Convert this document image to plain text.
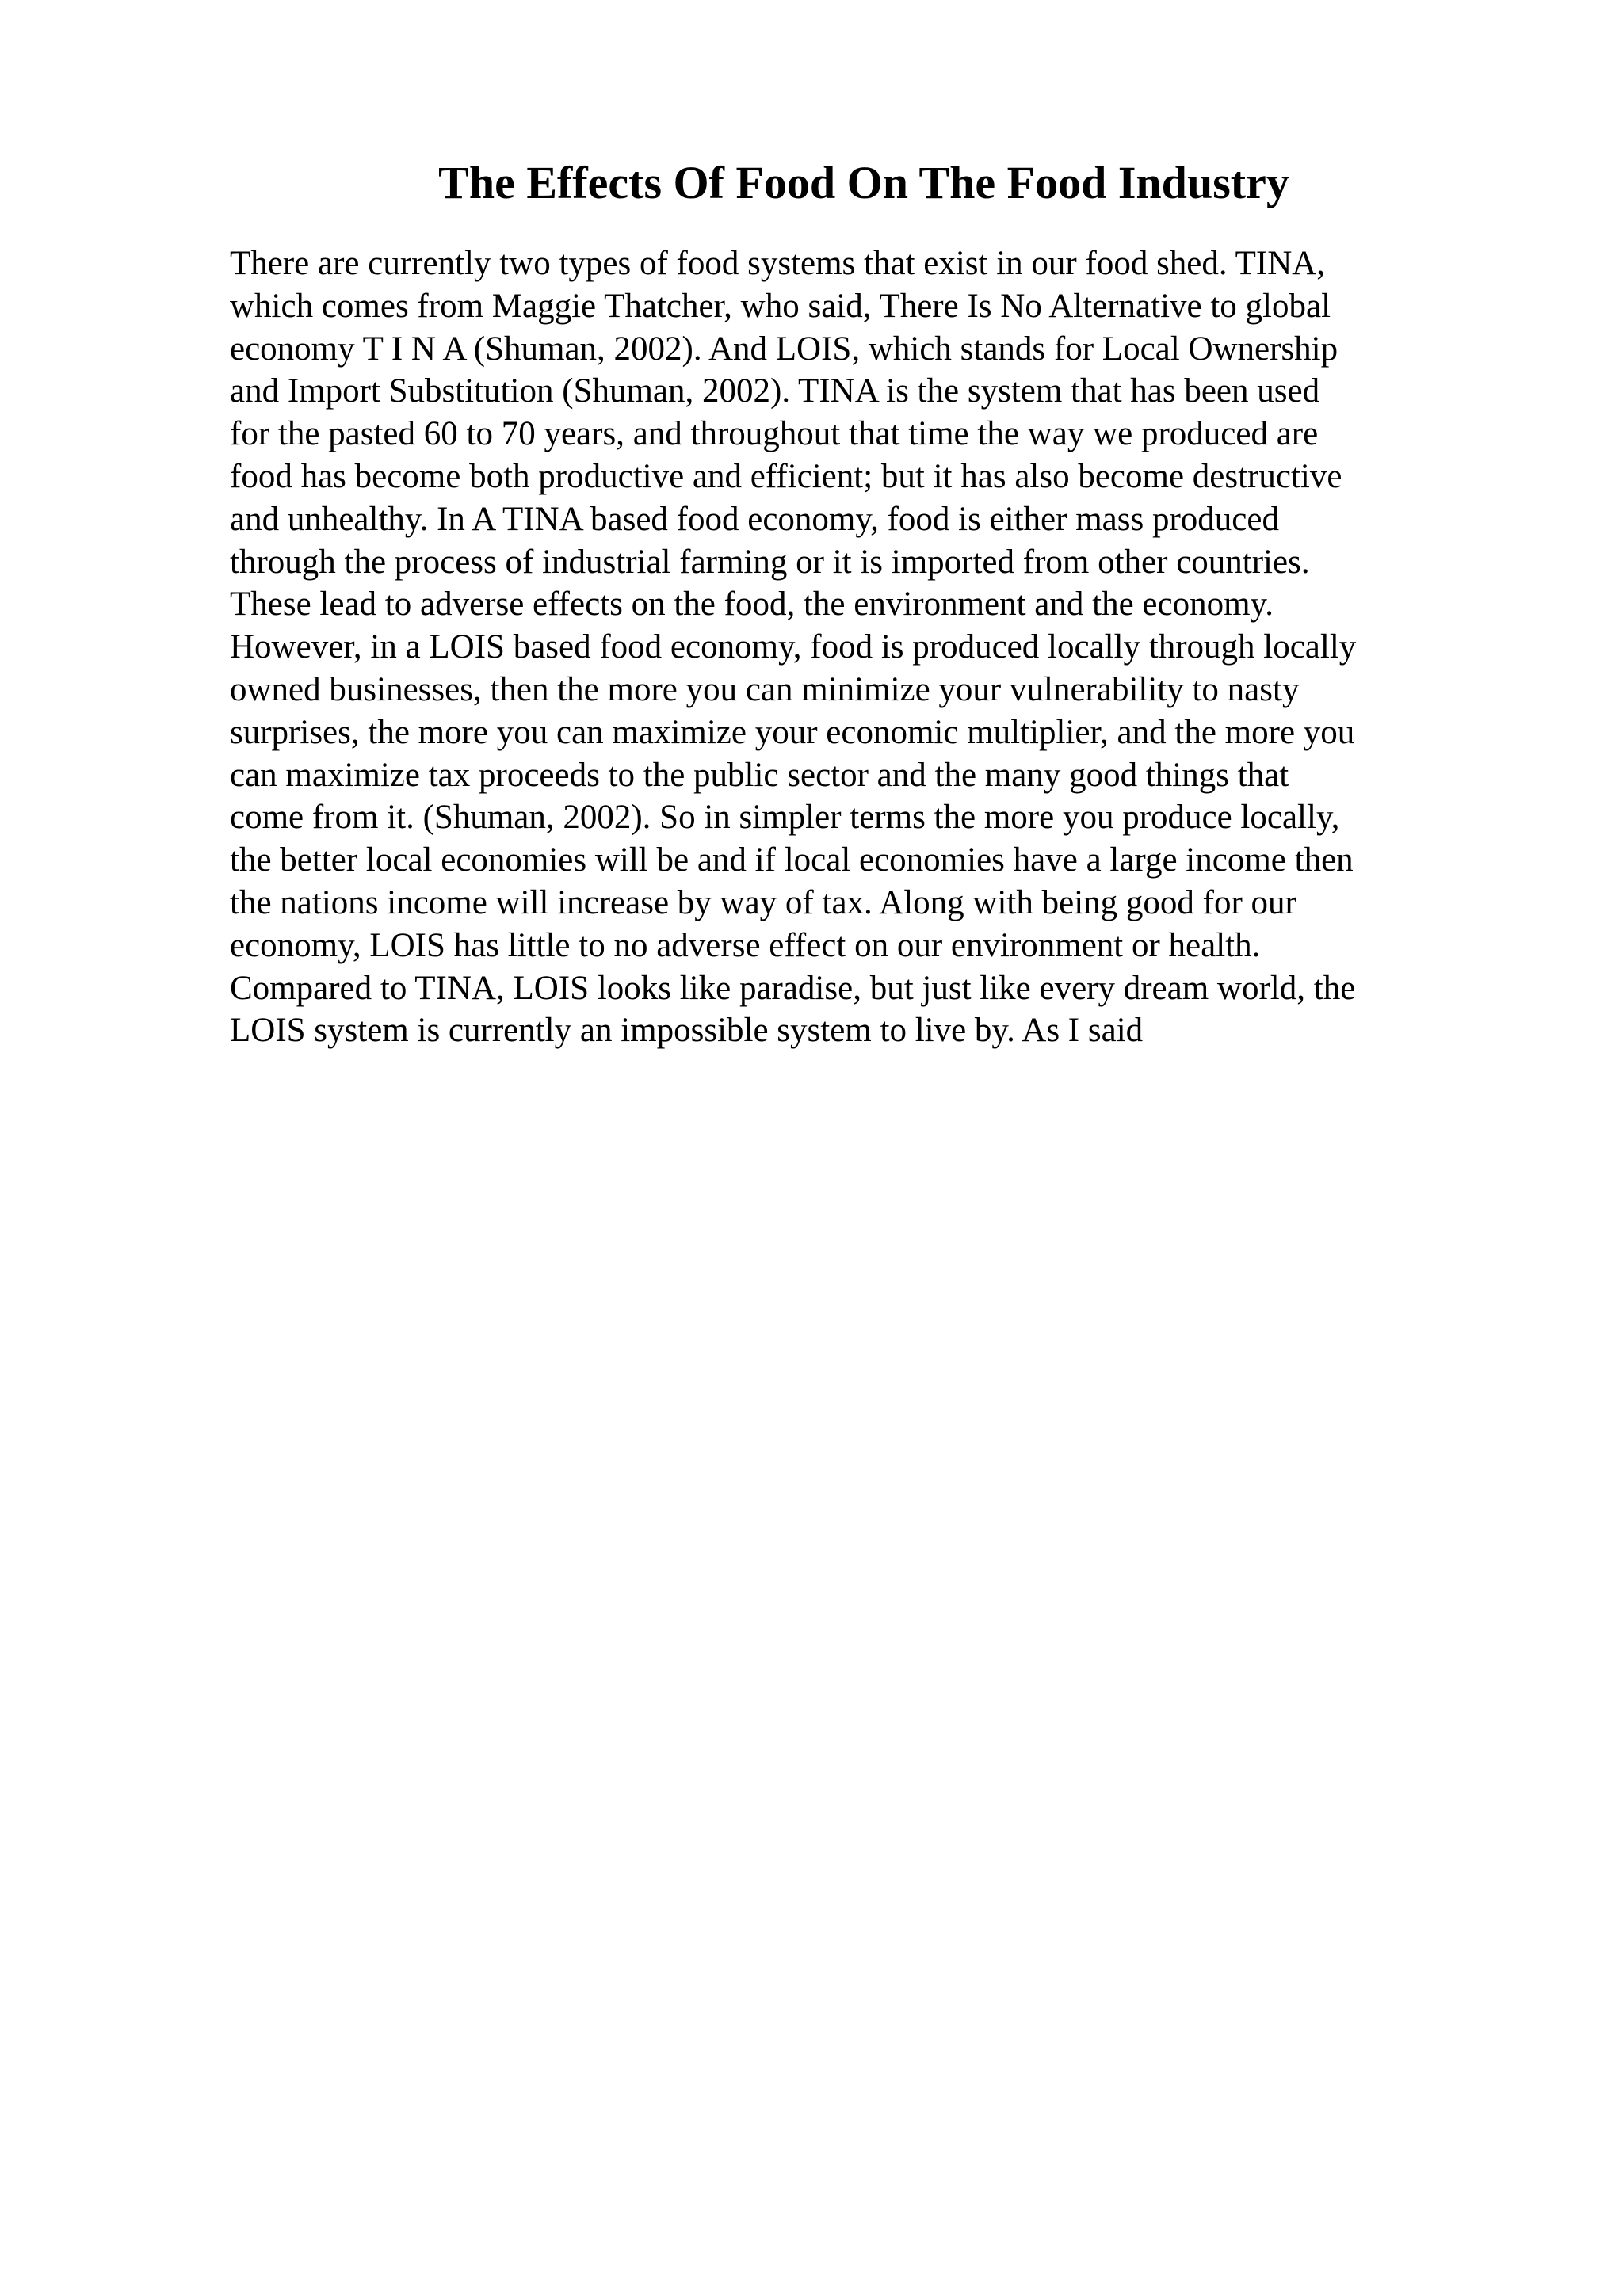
The Effects Of Food On The Food Industry
There are currently two types of food systems that exist in our food shed. TINA,
which comes from Maggie Thatcher, who said, There Is No Alternative to global
economy T I N A (Shuman, 2002). And LOIS, which stands for Local Ownership
and Import Substitution (Shuman, 2002). TINA is the system that has been used
for the pasted 60 to 70 years, and throughout that time the way we produced are
food has become both productive and efficient; but it has also become destructive
and unhealthy. In A TINA based food economy, food is either mass produced
through the process of industrial farming or it is imported from other countries.
These lead to adverse effects on the food, the environment and the economy.
However, in a LOIS based food economy, food is produced locally through locally
owned businesses, then the more you can minimize your vulnerability to nasty
surprises, the more you can maximize your economic multiplier, and the more you
can maximize tax proceeds to the public sector and the many good things that
come from it. (Shuman, 2002). So in simpler terms the more you produce locally,
the better local economies will be and if local economies have a large income then
the nations income will increase by way of tax. Along with being good for our
economy, LOIS has little to no adverse effect on our environment or health.
Compared to TINA, LOIS looks like paradise, but just like every dream world, the
LOIS system is currently an impossible system to live by. As I said
